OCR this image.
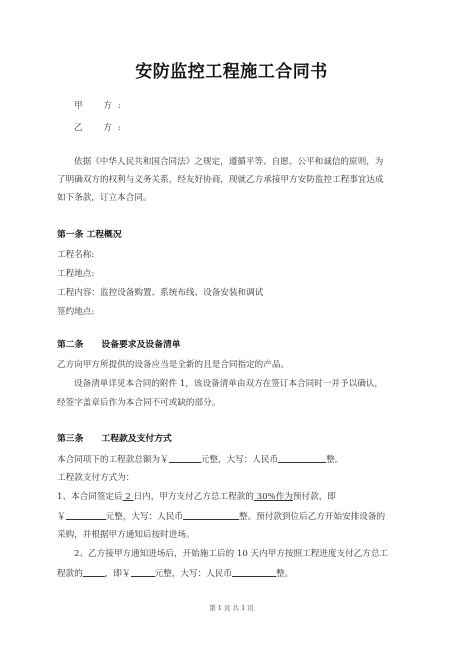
安防监控工程施工合同书
甲　方:
乙　方:
依据《中华人民共和国合同法》之规定，遵循平等、自愿、公平和诚信的原则，为
了明确双方的权利与义务关系，经友好协商，现就乙方承接甲方安防监控工程事宜达成
如下条款，订立本合同。
第一条 工程概况
工程名称:
工程地点:
工程内容：监控设备购置、系统布线、设备安装和调试
签约地点:
第二条 设备要求及设备清单
乙方向甲方所提供的设备应当是全新的且是合同指定的产品。
设备清单详见本合同的附件 1，该设备清单由双方在签订本合同时一并予以确认，
经签字盖章后作为本合同不可或缺的部分。
第三条 工程款及支付方式
本合同项下的工程款总额为￥	元整，大写：人民币	整。
工程款支付方式为：
1、本合同签定后 2 日内，甲方支付乙方总工程款的 30%作为预付款，即
￥	元整，大写：人民币	整。预付款到位后乙方开始安排设备的
采购，并根据甲方通知后按时进场。
2、乙方接甲方通知进场后，开始施工后的 10 天内甲方按照工程进度支付乙方总工
程款的	，即￥	元整，大写：人民币	整。
第 1 页 共 1 页
